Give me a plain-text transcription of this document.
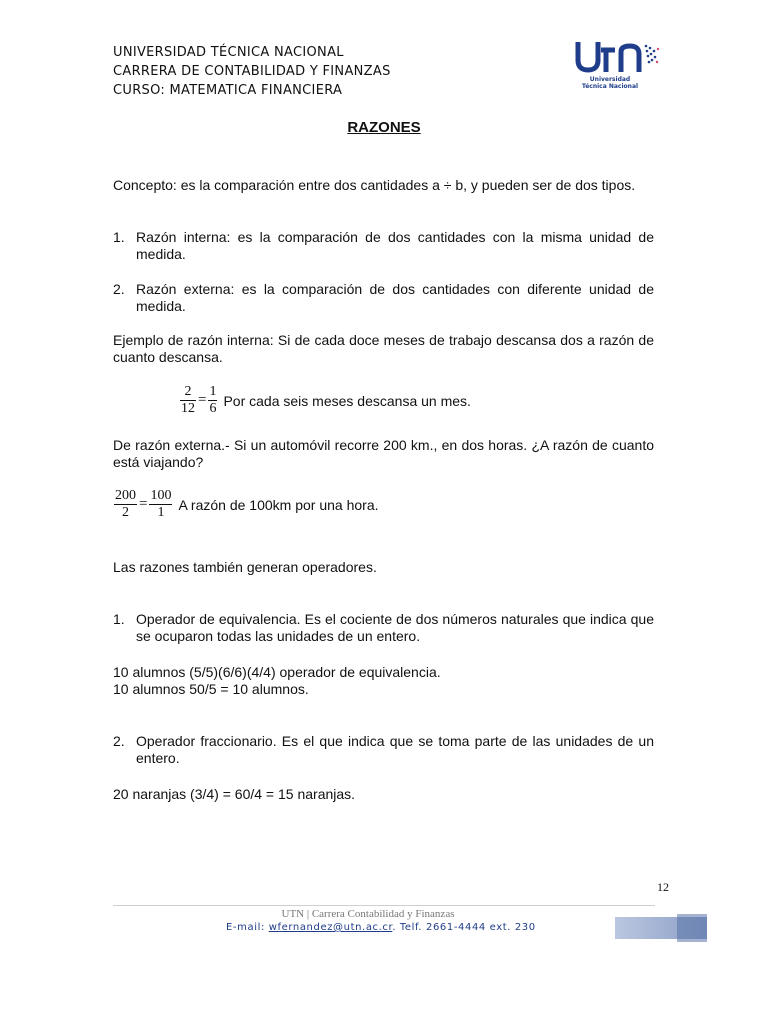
UNIVERSIDAD TÉCNICA NACIONAL
CARRERA DE CONTABILIDAD Y FINANZAS
CURSO: MATEMATICA FINANCIERA
Universidad
Técnica Nacional
RAZONES
Concepto: es la comparación entre dos cantidades a ÷ b, y pueden ser de dos tipos.
1. Razón interna: es la comparación de dos cantidades con la misma unidad de medida.
2. Razón externa: es la comparación de dos cantidades con diferente unidad de medida.
Ejemplo de razón interna: Si de cada doce meses de trabajo descansa dos a razón de cuanto descansa.
$\frac{2}{12} = \frac{1}{6}$ Por cada seis meses descansa un mes.
De razón externa.- Si un automóvil recorre 200 km., en dos horas. ¿A razón de cuanto está viajando?
$\frac{200}{2} = \frac{100}{1}$ A razón de 100km por una hora.
Las razones también generan operadores.
1. Operador de equivalencia. Es el cociente de dos números naturales que indica que se ocuparon todas las unidades de un entero.
10 alumnos (5/5)(6/6)(4/4) operador de equivalencia.
10 alumnos 50/5 = 10 alumnos.
2. Operador fraccionario. Es el que indica que se toma parte de las unidades de un entero.
20 naranjas (3/4) = 60/4 = 15 naranjas.
12
UTN | Carrera Contabilidad y Finanzas
E-mail: wfernandez@utn.ac.cr. Telf. 2661-4444 ext. 230
